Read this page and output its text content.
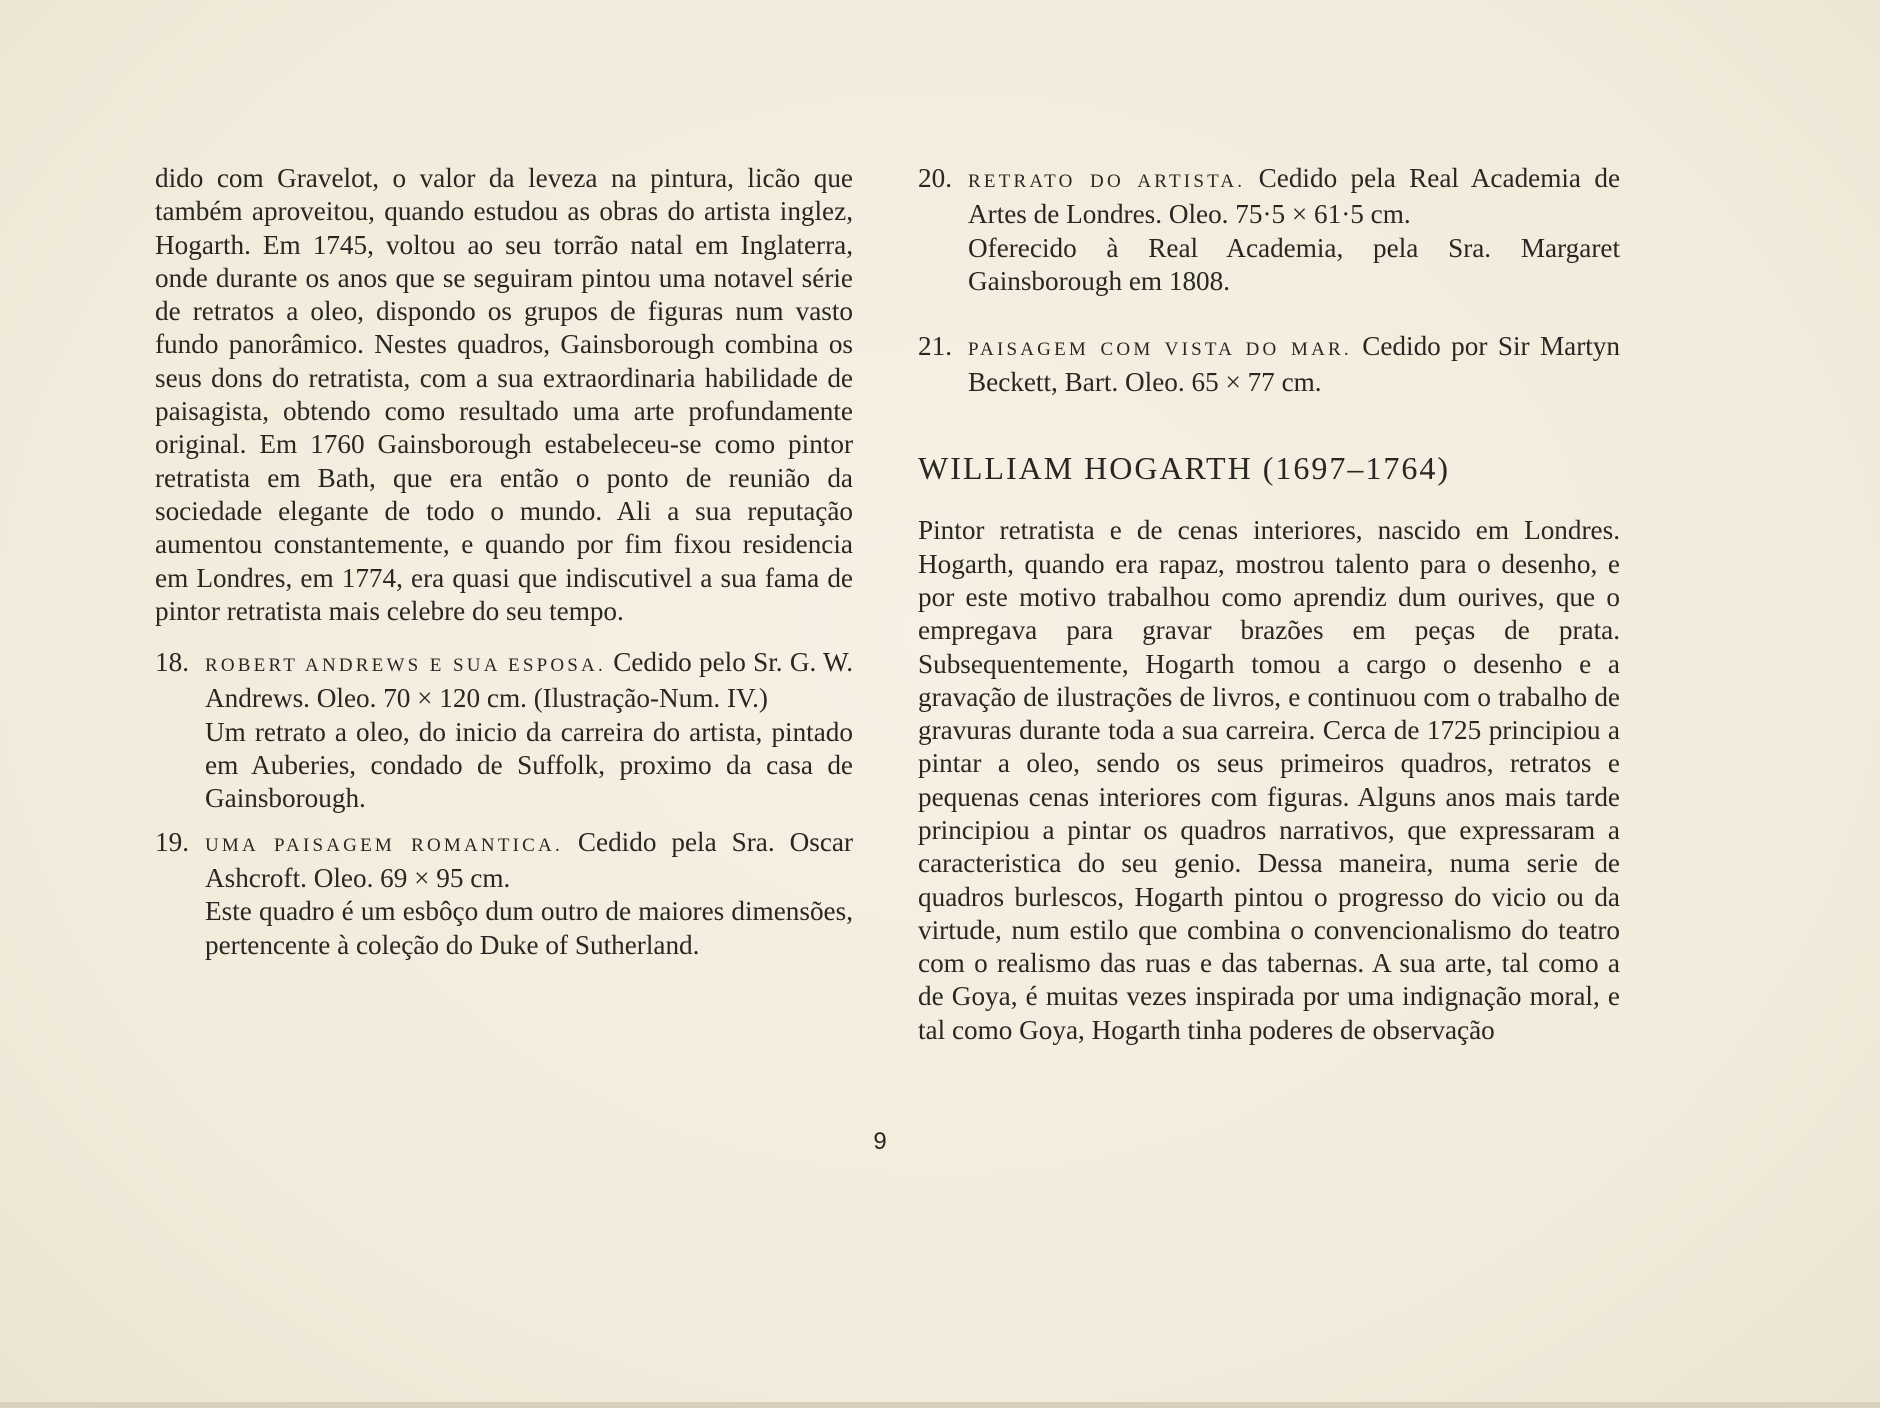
dido com Gravelot, o valor da leveza na pintura, licão que também aproveitou, quando estudou as obras do artista inglez, Hogarth. Em 1745, voltou ao seu torrão natal em Inglaterra, onde durante os anos que se seguiram pintou uma notavel série de retratos a oleo, dispondo os grupos de figuras num vasto fundo panorâmico. Nestes quadros, Gainsborough combina os seus dons do retratista, com a sua extraordinaria habilidade de paisagista, obtendo como resultado uma arte profundamente original. Em 1760 Gainsborough estabeleceu-se como pintor retratista em Bath, que era então o ponto de reunião da sociedade elegante de todo o mundo. Ali a sua reputação aumentou constantemente, e quando por fim fixou residencia em Londres, em 1774, era quasi que indiscutivel a sua fama de pintor retratista mais celebre do seu tempo.

18. ROBERT ANDREWS E SUA ESPOSA. Cedido pelo Sr. G. W. Andrews. Oleo. 70 × 120 cm. (Ilustração-Num. IV.)

Um retrato a oleo, do inicio da carreira do artista, pintado em Auberies, condado de Suffolk, proximo da casa de Gainsborough.

19. UMA PAISAGEM ROMANTICA. Cedido pela Sra. Oscar Ashcroft. Oleo. 69 × 95 cm.

Este quadro é um esbôço dum outro de maiores dimensões, pertencente à coleção do Duke of Sutherland.

20. RETRATO DO ARTISTA. Cedido pela Real Academia de Artes de Londres. Oleo. 75·5 × 61·5 cm.

Oferecido à Real Academia, pela Sra. Margaret Gainsborough em 1808.

21. PAISAGEM COM VISTA DO MAR. Cedido por Sir Martyn Beckett, Bart. Oleo. 65 × 77 cm.

WILLIAM HOGARTH (1697–1764)

Pintor retratista e de cenas interiores, nascido em Londres. Hogarth, quando era rapaz, mostrou talento para o desenho, e por este motivo trabalhou como aprendiz dum ourives, que o empregava para gravar brazões em peças de prata. Subsequentemente, Hogarth tomou a cargo o desenho e a gravação de ilustrações de livros, e continuou com o trabalho de gravuras durante toda a sua carreira. Cerca de 1725 principiou a pintar a oleo, sendo os seus primeiros quadros, retratos e pequenas cenas interiores com figuras. Alguns anos mais tarde principiou a pintar os quadros narrativos, que expressaram a caracteristica do seu genio. Dessa maneira, numa serie de quadros burlescos, Hogarth pintou o progresso do vicio ou da virtude, num estilo que combina o convencionalismo do teatro com o realismo das ruas e das tabernas. A sua arte, tal como a de Goya, é muitas vezes inspirada por uma indignação moral, e tal como Goya, Hogarth tinha poderes de observação

9
